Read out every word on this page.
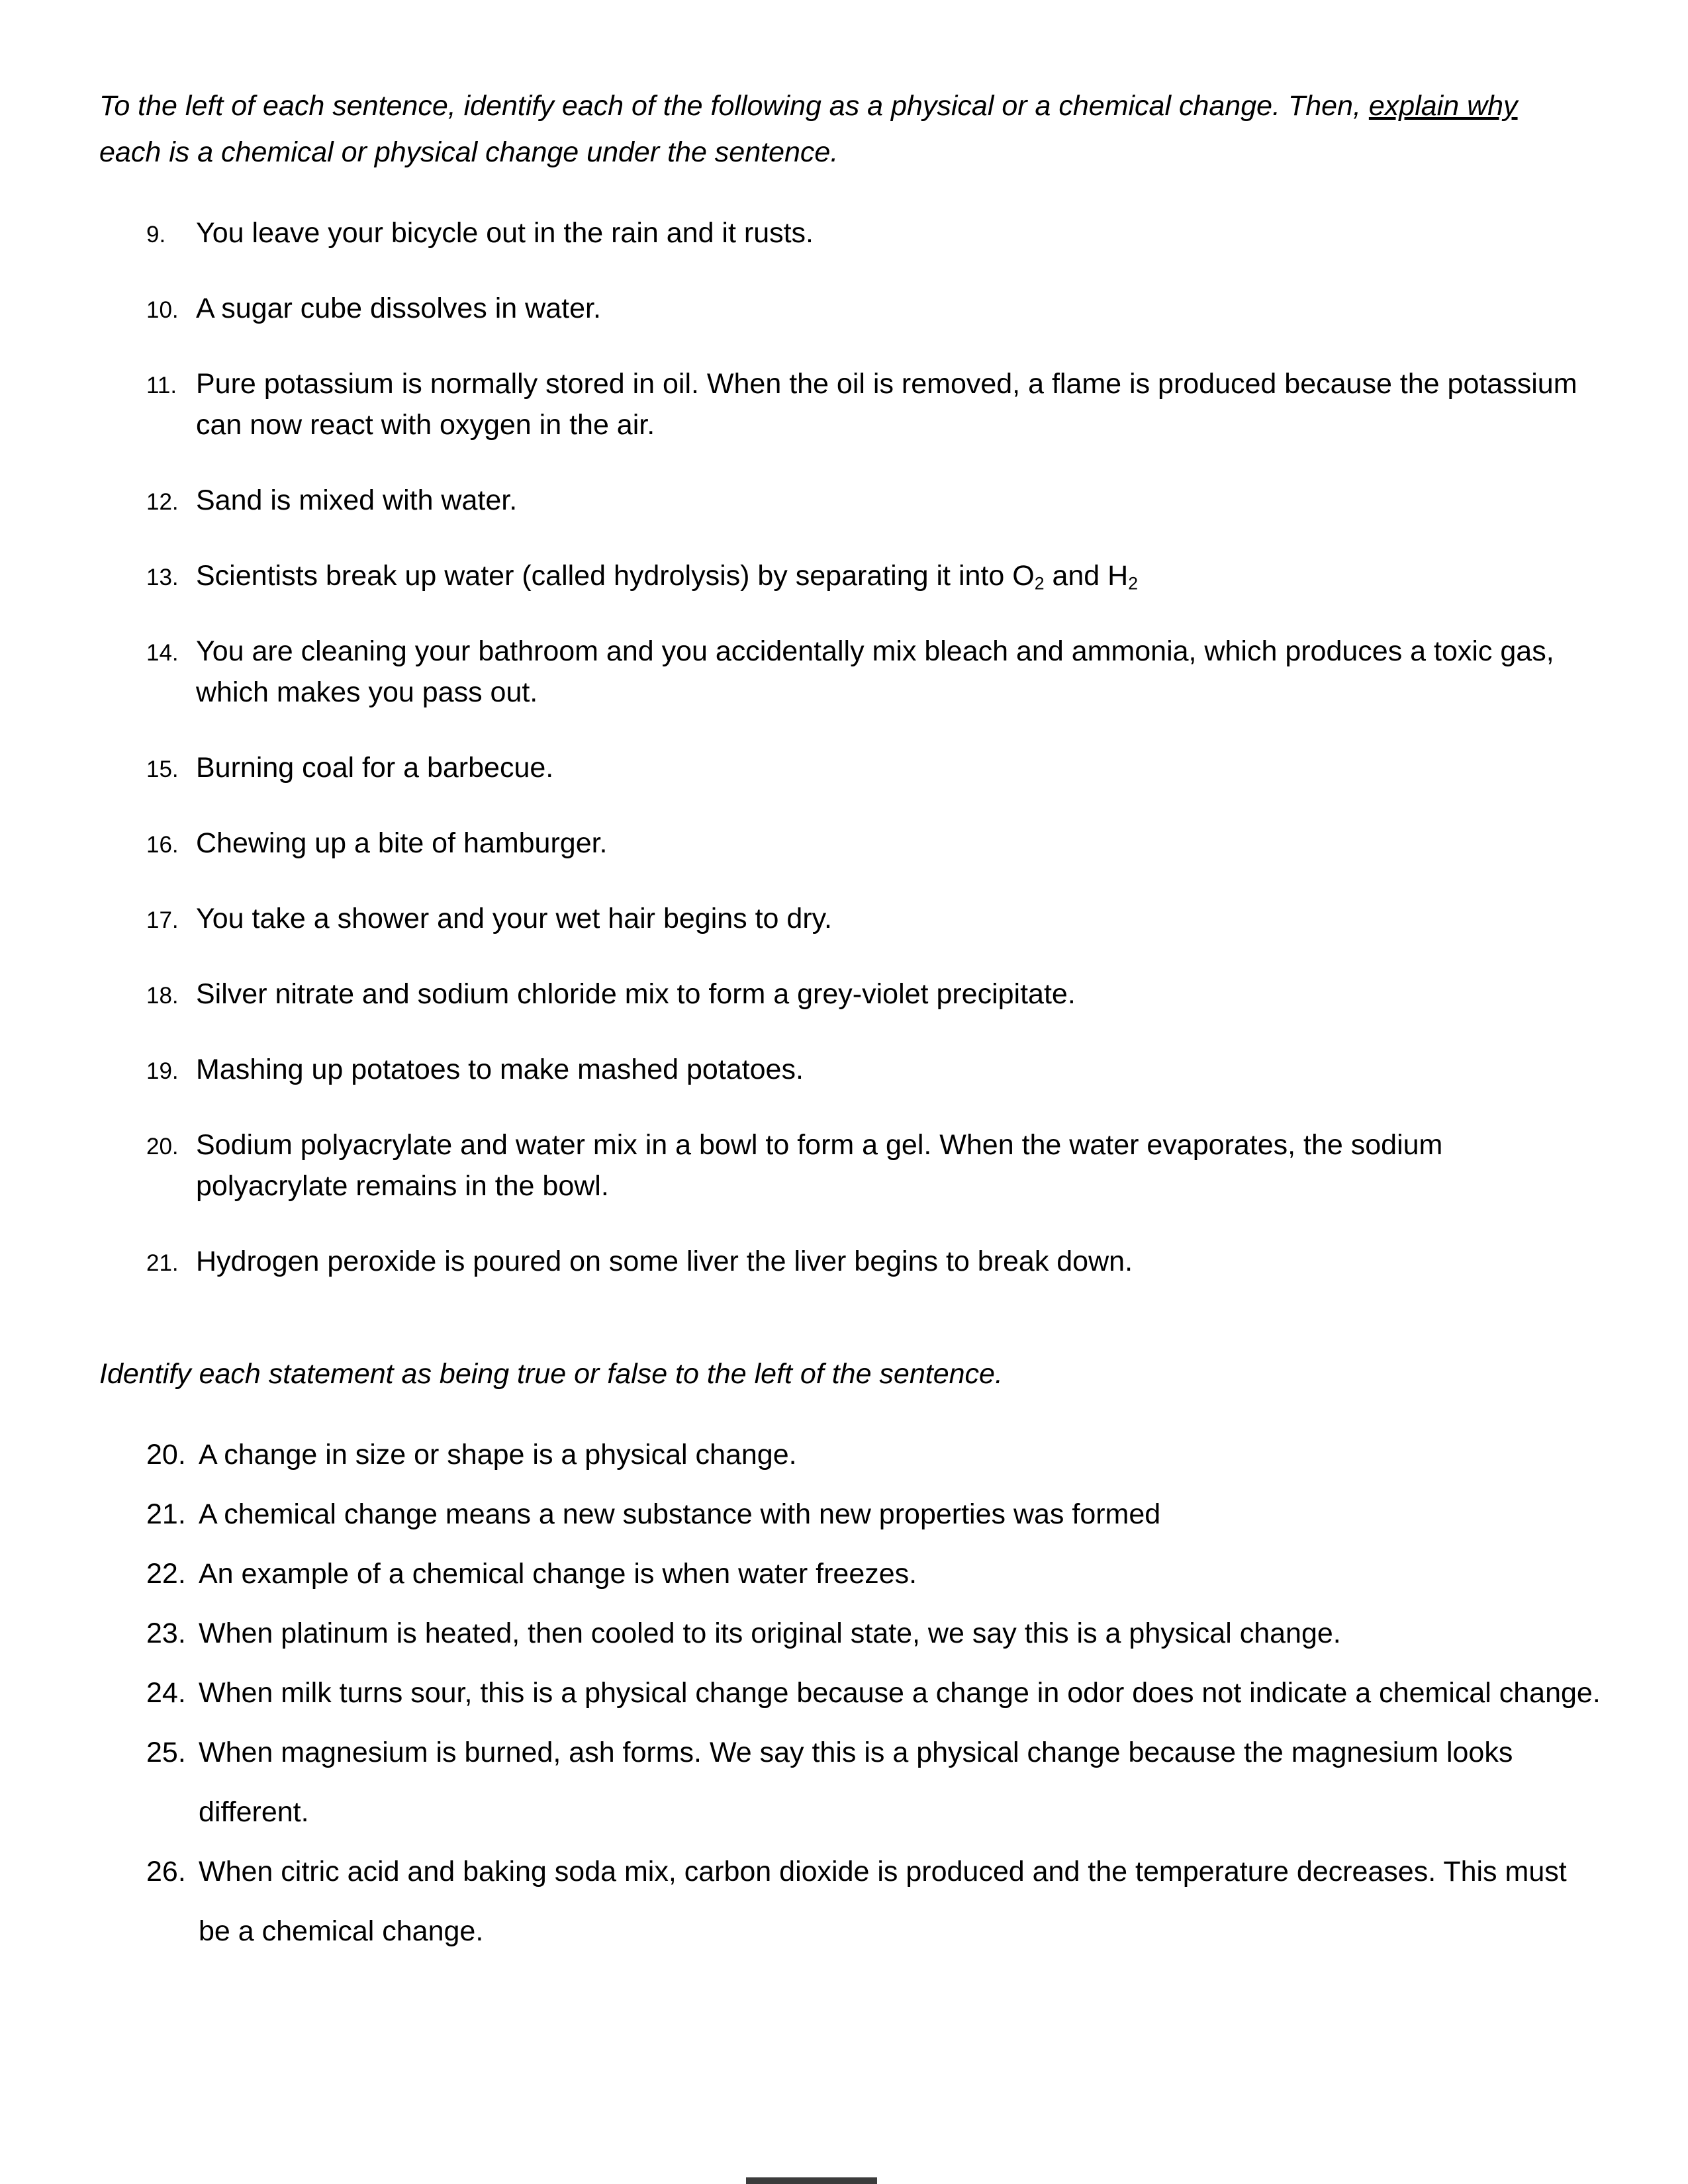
To the left of each sentence, identify each of the following as a physical or a chemical change. Then, explain why each is a chemical or physical change under the sentence.

9.	You leave your bicycle out in the rain and it rusts.
10. A sugar cube dissolves in water.
11. Pure potassium is normally stored in oil. When the oil is removed, a flame is produced because the potassium can now react with oxygen in the air.
12. Sand is mixed with water.
13. Scientists break up water (called hydrolysis) by separating it into $O_2$ and $H_2$
14. You are cleaning your bathroom and you accidentally mix bleach and ammonia, which produces a toxic gas, which makes you pass out.
15. Burning coal for a barbecue.
16. Chewing up a bite of hamburger.
17. You take a shower and your wet hair begins to dry.
18. Silver nitrate and sodium chloride mix to form a grey-violet precipitate.
19. Mashing up potatoes to make mashed potatoes.
20. Sodium polyacrylate and water mix in a bowl to form a gel. When the water evaporates, the sodium polyacrylate remains in the bowl.
21. Hydrogen peroxide is poured on some liver the liver begins to break down.

Identify each statement as being true or false to the left of the sentence.

20. A change in size or shape is a physical change.
21. A chemical change means a new substance with new properties was formed
22. An example of a chemical change is when water freezes.
23. When platinum is heated, then cooled to its original state, we say this is a physical change.
24. When milk turns sour, this is a physical change because a change in odor does not indicate a chemical change.
25. When magnesium is burned, ash forms. We say this is a physical change because the magnesium looks different.
26. When citric acid and baking soda mix, carbon dioxide is produced and the temperature decreases. This must be a chemical change.
